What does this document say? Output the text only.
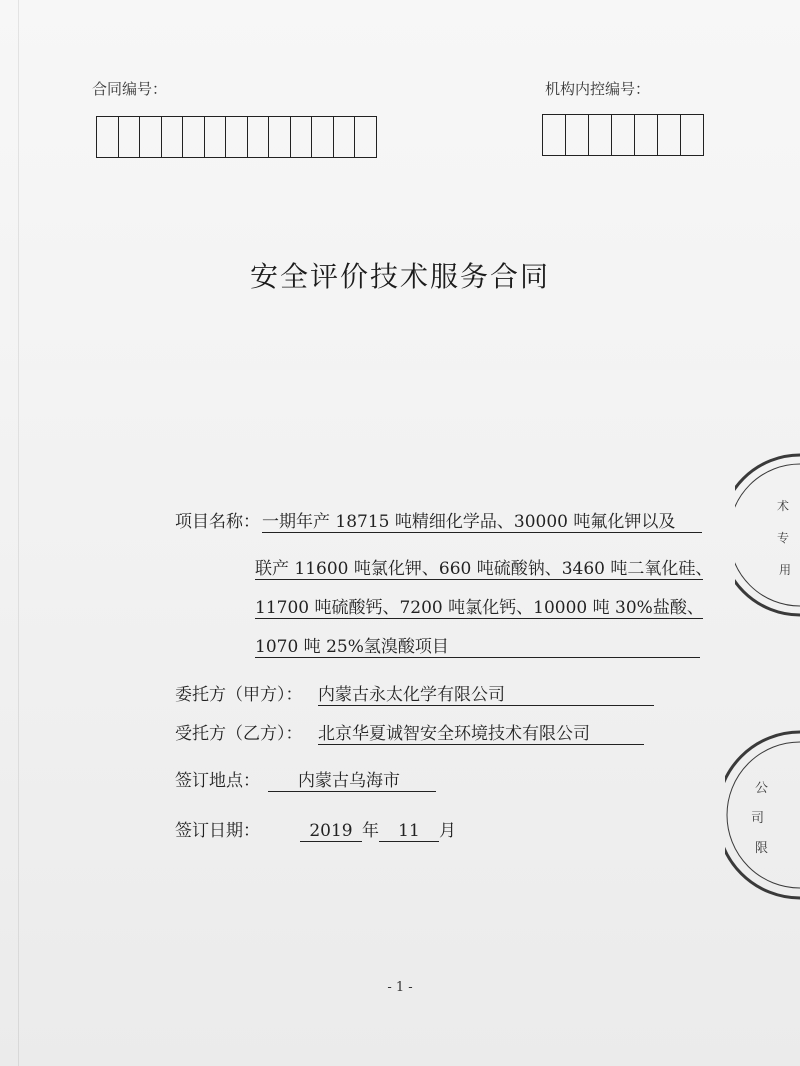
合同编号：	机构内控编号：
安全评价技术服务合同
项目名称： 一期年产 18715 吨精细化学品、30000 吨氟化钾以及
联产 11600 吨氯化钾、660 吨硫酸钠、3460 吨二氧化硅、
11700 吨硫酸钙、7200 吨氯化钙、10000 吨 30%盐酸、
1070 吨 25%氢溴酸项目
委托方（甲方）： 内蒙古永太化学有限公司
受托方（乙方）： 北京华夏诚智安全环境技术有限公司
签订地点：	内蒙古乌海市
签订日期：	2019 年 11 月
- 1 -
术
专
用
公
司
限
